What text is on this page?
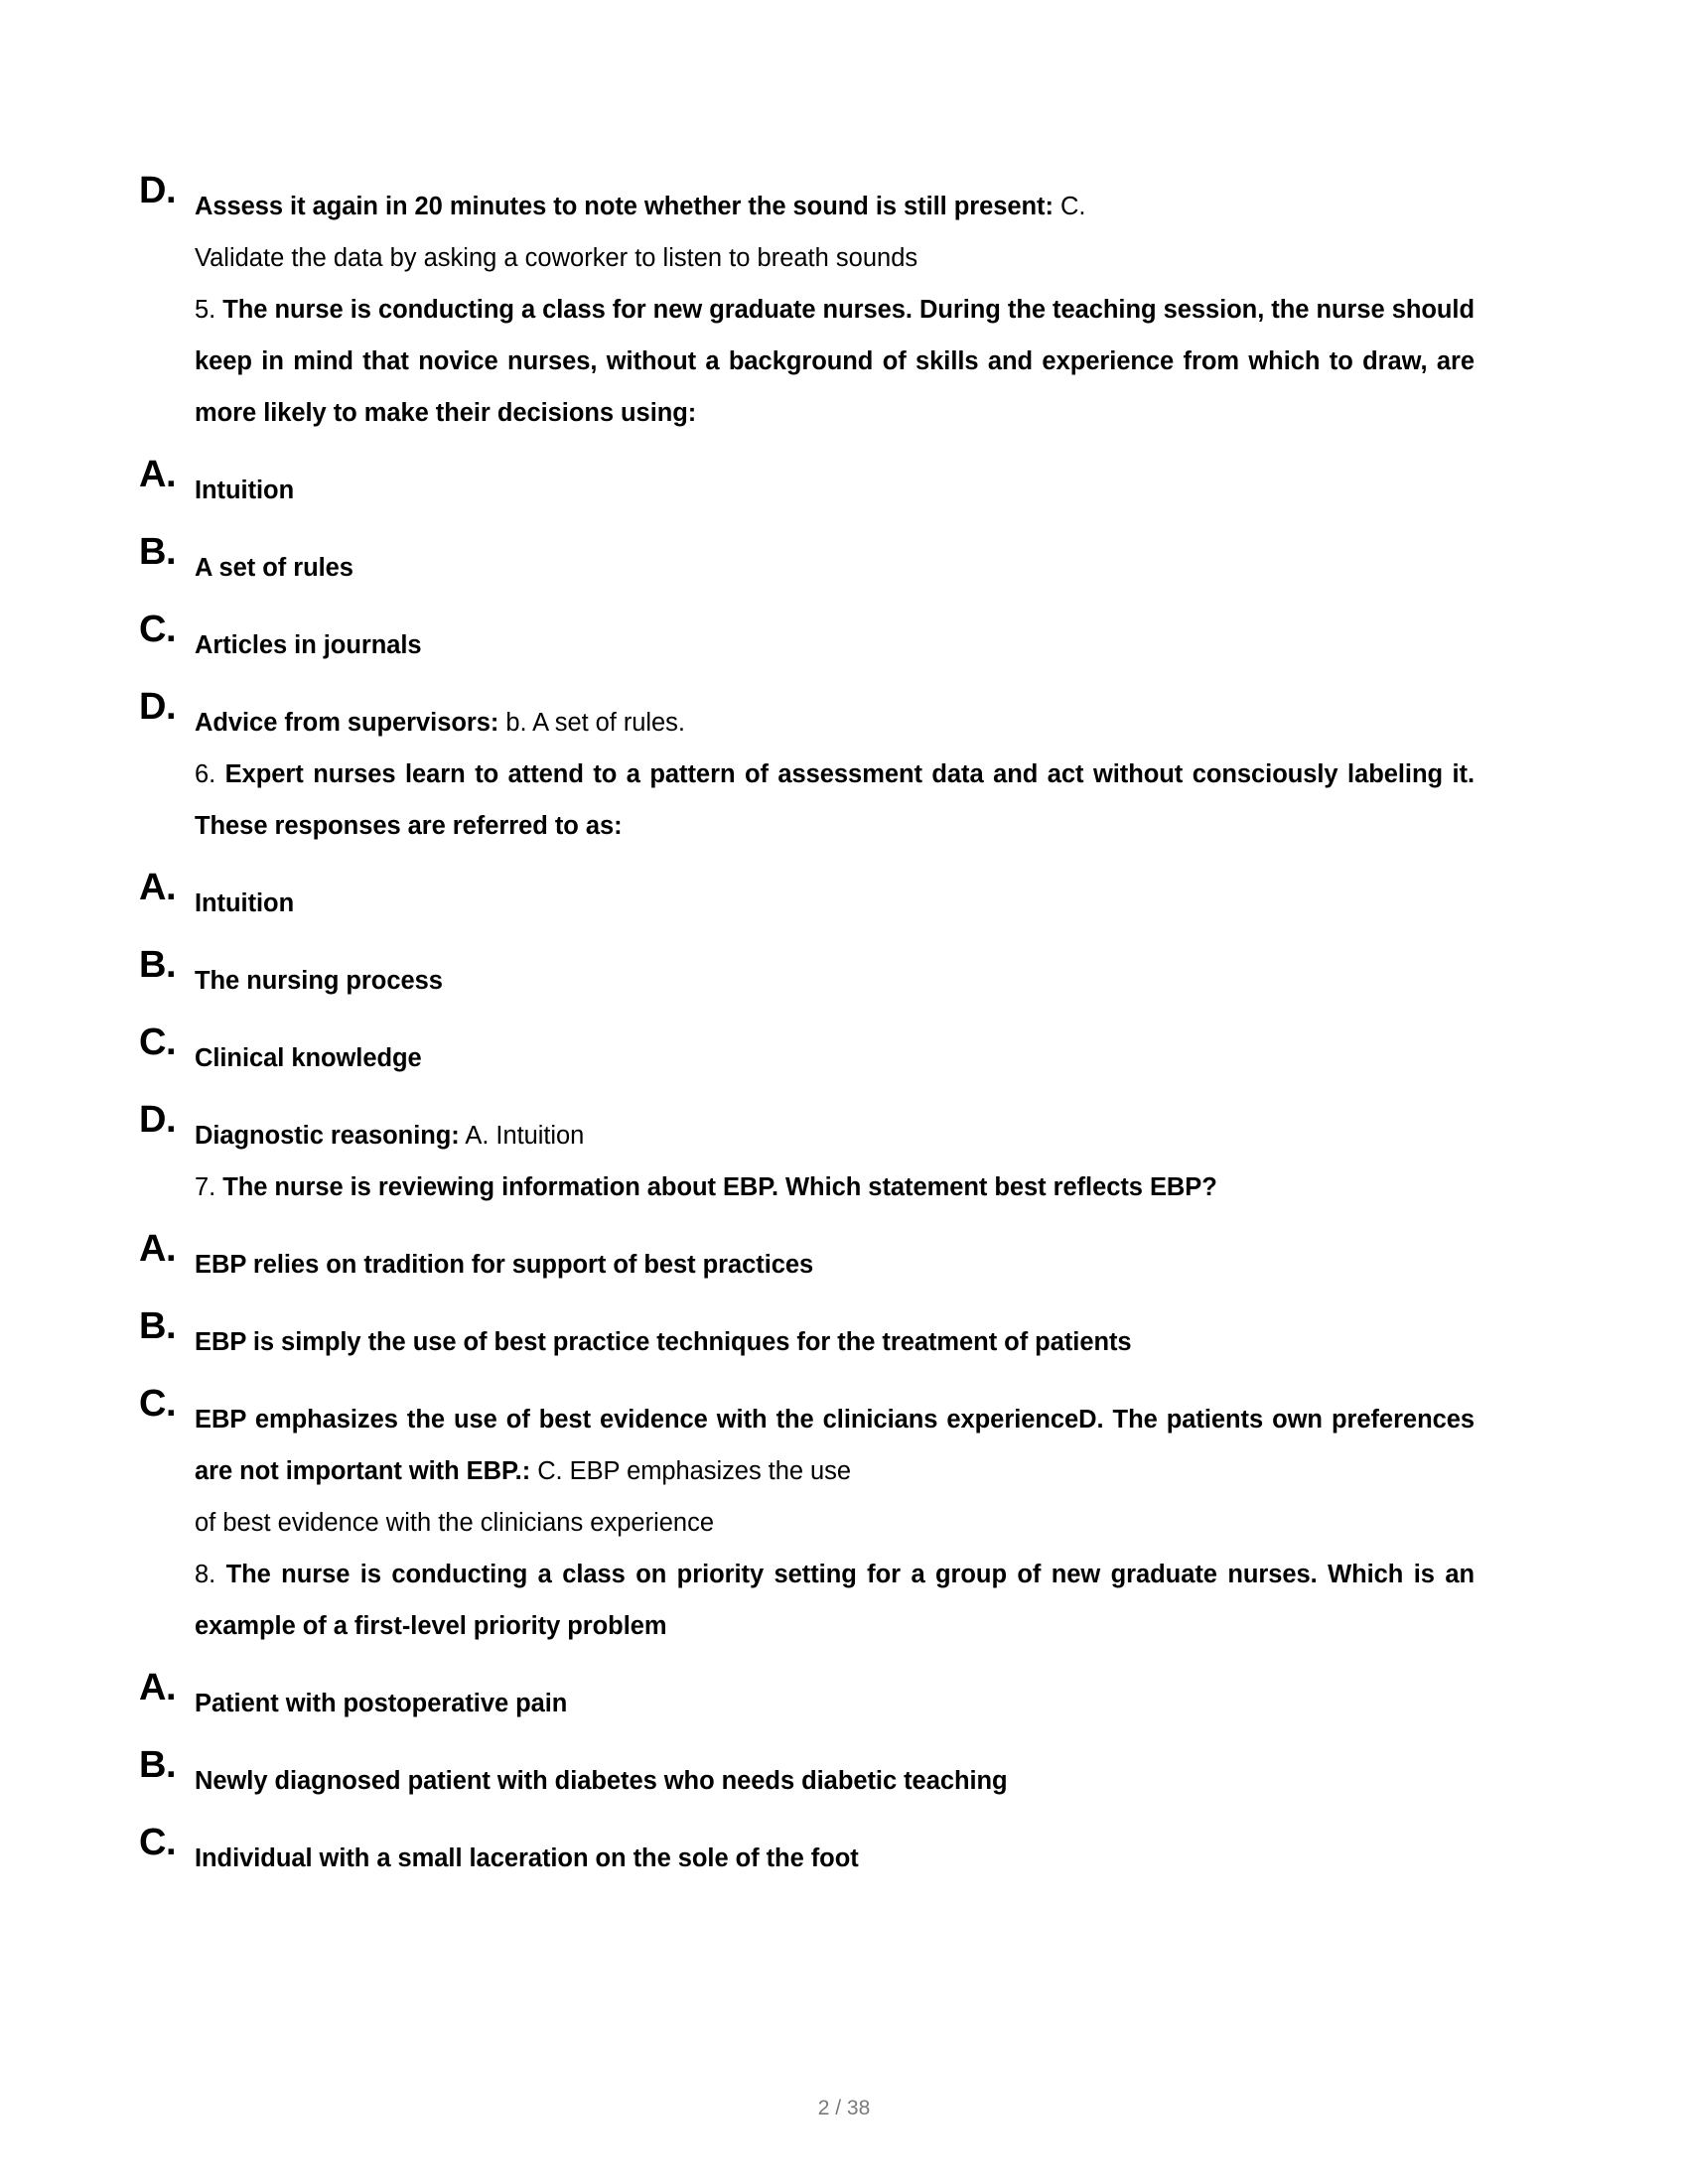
D. Assess it again in 20 minutes to note whether the sound is still present: C.
Validate the data by asking a coworker to listen to breath sounds
5. The nurse is conducting a class for new graduate nurses. During the teaching session, the nurse should keep in mind that novice nurses, without a background of skills and experience from which to draw, are more likely to make their decisions using:
A. Intuition
B. A set of rules
C. Articles in journals
D. Advice from supervisors: b. A set of rules.
6. Expert nurses learn to attend to a pattern of assessment data and act without consciously labeling it. These responses are referred to as:
A. Intuition
B. The nursing process
C. Clinical knowledge
D. Diagnostic reasoning: A. Intuition
7. The nurse is reviewing information about EBP. Which statement best reflects EBP?
A. EBP relies on tradition for support of best practices
B. EBP is simply the use of best practice techniques for the treatment of patients
C. EBP emphasizes the use of best evidence with the clinicians experienceD. The patients own preferences are not important with EBP.: C. EBP emphasizes the use
of best evidence with the clinicians experience
8. The nurse is conducting a class on priority setting for a group of new graduate nurses. Which is an example of a first-level priority problem
A. Patient with postoperative pain
B. Newly diagnosed patient with diabetes who needs diabetic teaching
C. Individual with a small laceration on the sole of the foot
2 / 38
